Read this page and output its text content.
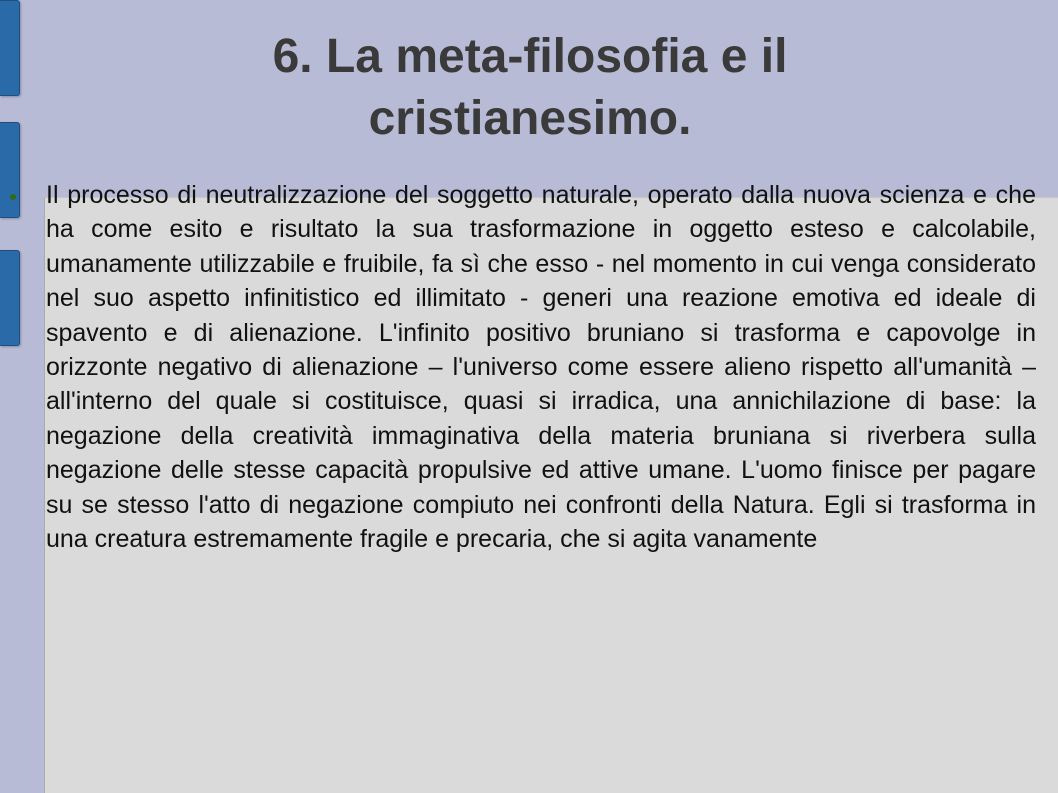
6. La meta-filosofia e il cristianesimo.

Il processo di neutralizzazione del soggetto naturale, operato dalla nuova scienza e che ha come esito e risultato la sua trasformazione in oggetto esteso e calcolabile, umanamente utilizzabile e fruibile, fa sì che esso - nel momento in cui venga considerato nel suo aspetto infinitistico ed illimitato - generi una reazione emotiva ed ideale di spavento e di alienazione. L'infinito positivo bruniano si trasforma e capovolge in orizzonte negativo di alienazione – l'universo come essere alieno rispetto all'umanità – all'interno del quale si costituisce, quasi si irradica, una annichilazione di base: la negazione della creatività immaginativa della materia bruniana si riverbera sulla negazione delle stesse capacità propulsive ed attive umane. L'uomo finisce per pagare su se stesso l'atto di negazione compiuto nei confronti della Natura. Egli si trasforma in una creatura estremamente fragile e precaria, che si agita vanamente
